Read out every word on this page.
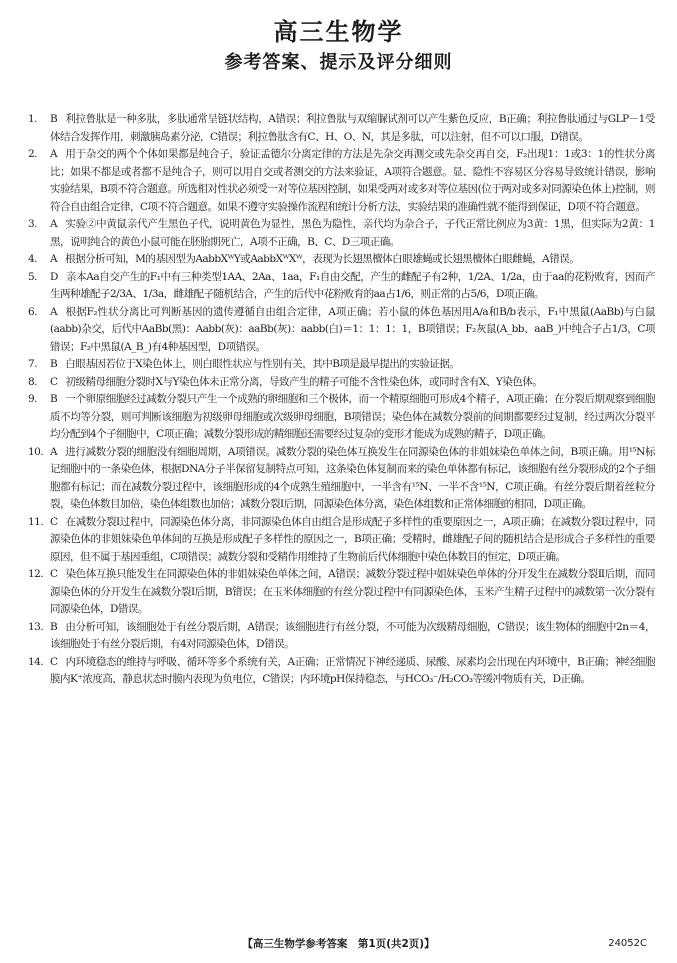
高三生物学
参考答案、提示及评分细则
1.	B 利拉鲁肽是一种多肽，多肽通常呈链状结构，A错误；利拉鲁肽与双缩脲试剂可以产生紫色反应，B正确；利拉鲁肽通过与GLP－1受体结合发挥作用，刺激胰岛素分泌，C错误；利拉鲁肽含有C、H、O、N，其是多肽，可以注射，但不可以口服，D错误。
2.	A 用于杂交的两个个体如果都是纯合子，验证孟德尔分离定律的方法是先杂交再测交或先杂交再自交，F₂出现1：1或3：1的性状分离比；如果不都是或者都不是纯合子，则可以用自交或者测交的方法来验证，A项符合题意。显、隐性不容易区分容易导致统计错误，影响实验结果，B项不符合题意。所选相对性状必须受一对等位基因控制，如果受两对或多对等位基因(位于两对或多对同源染色体上)控制，则符合自由组合定律，C项不符合题意。如果不遵守实验操作流程和统计分析方法，实验结果的准确性就不能得到保证，D项不符合题意。
3.	A 实验②中黄鼠亲代产生黑色子代，说明黄色为显性，黑色为隐性，亲代均为杂合子，子代正常比例应为3黄：1黑，但实际为2黄：1黑，说明纯合的黄色小鼠可能在胚胎期死亡，A项不正确，B、C、D三项正确。
4.	A 根据分析可知，M的基因型为AabbXᵂY或AabbXᵂXᵂ，表现为长翅黑檀体白眼雄蝇或长翅黑檀体白眼雌蝇，A错误。
5.	D 亲本Aa自交产生的F₁中有三种类型1AA、2Aa、1aa，F₁自由交配，产生的雌配子有2种，1/2A、1/2a，由于aa的花粉败育，因而产生两种雄配子2/3A、1/3a，雌雄配子随机结合，产生的后代中花粉败育的aa占1/6，则正常的占5/6，D项正确。
6.	A 根据F₂性状分离比可判断基因的遗传遵循自由组合定律，A项正确；若小鼠的体色基因用A/a和B/b表示，F₁中黑鼠(AaBb)与白鼠(aabb)杂交，后代中AaBb(黑)：Aabb(灰)：aaBb(灰)：aabb(白)＝1：1：1：1，B项错误；F₂灰鼠(A_bb、aaB_)中纯合子占1/3，C项错误；F₂中黑鼠(A_B_)有4种基因型，D项错误。
7.	B 白眼基因若位于X染色体上，则白眼性状应与性别有关，其中B项是最早提出的实验证据。
8.	C 初级精母细胞分裂时X与Y染色体未正常分离，导致产生的精子可能不含性染色体，或同时含有X、Y染色体。
9.	B 一个卵原细胞经过减数分裂只产生一个成熟的卵细胞和三个极体，而一个精原细胞可形成4个精子，A项正确；在分裂后期观察到细胞质不均等分裂，则可判断该细胞为初级卵母细胞或次级卵母细胞，B项错误；染色体在减数分裂前的间期都要经过复制，经过两次分裂平均分配到4个子细胞中，C项正确；减数分裂形成的精细胞还需要经过复杂的变形才能成为成熟的精子，D项正确。
10. A 进行减数分裂的细胞没有细胞周期，A项错误。减数分裂的染色体互换发生在同源染色体的非姐妹染色单体之间，B项正确。用¹⁵N标记细胞中的一条染色体，根据DNA分子半保留复制特点可知，这条染色体复制而来的染色单体都有标记，该细胞有丝分裂形成的2个子细胞都有标记；而在减数分裂过程中，该细胞形成的4个成熟生殖细胞中，一半含有¹⁵N、一半不含¹⁵N，C项正确。有丝分裂后期着丝粒分裂，染色体数目加倍，染色体组数也加倍；减数分裂Ⅰ后期，同源染色体分离，染色体组数和正常体细胞的相同，D项正确。
11. C 在减数分裂Ⅰ过程中，同源染色体分离，非同源染色体自由组合是形成配子多样性的重要原因之一，A项正确；在减数分裂Ⅰ过程中，同源染色体的非姐妹染色单体间的互换是形成配子多样性的原因之一，B项正确；受精时，雌雄配子间的随机结合是形成合子多样性的重要原因，但不属于基因重组，C项错误；减数分裂和受精作用维持了生物前后代体细胞中染色体数目的恒定，D项正确。
12. C 染色体互换只能发生在同源染色体的非姐妹染色单体之间，A错误；减数分裂过程中姐妹染色单体的分开发生在减数分裂Ⅱ后期，而同源染色体的分开发生在减数分裂Ⅰ后期，B错误；在玉米体细胞的有丝分裂过程中有同源染色体，玉米产生精子过程中的减数第一次分裂有同源染色体，D错误。
13. B 由分析可知，该细胞处于有丝分裂后期，A错误；该细胞进行有丝分裂，不可能为次级精母细胞，C错误；该生物体的细胞中2n＝4，该细胞处于有丝分裂后期，有4对同源染色体，D错误。
14. C 内环境稳态的维持与呼吸、循环等多个系统有关，A正确；正常情况下神经递质、尿酸、尿素均会出现在内环境中，B正确；神经细胞膜内K⁺浓度高，静息状态时膜内表现为负电位，C错误；内环境pH保持稳态，与HCO₃⁻/H₂CO₃等缓冲物质有关，D正确。
【高三生物学参考答案　第1页(共2页)】	24052C
